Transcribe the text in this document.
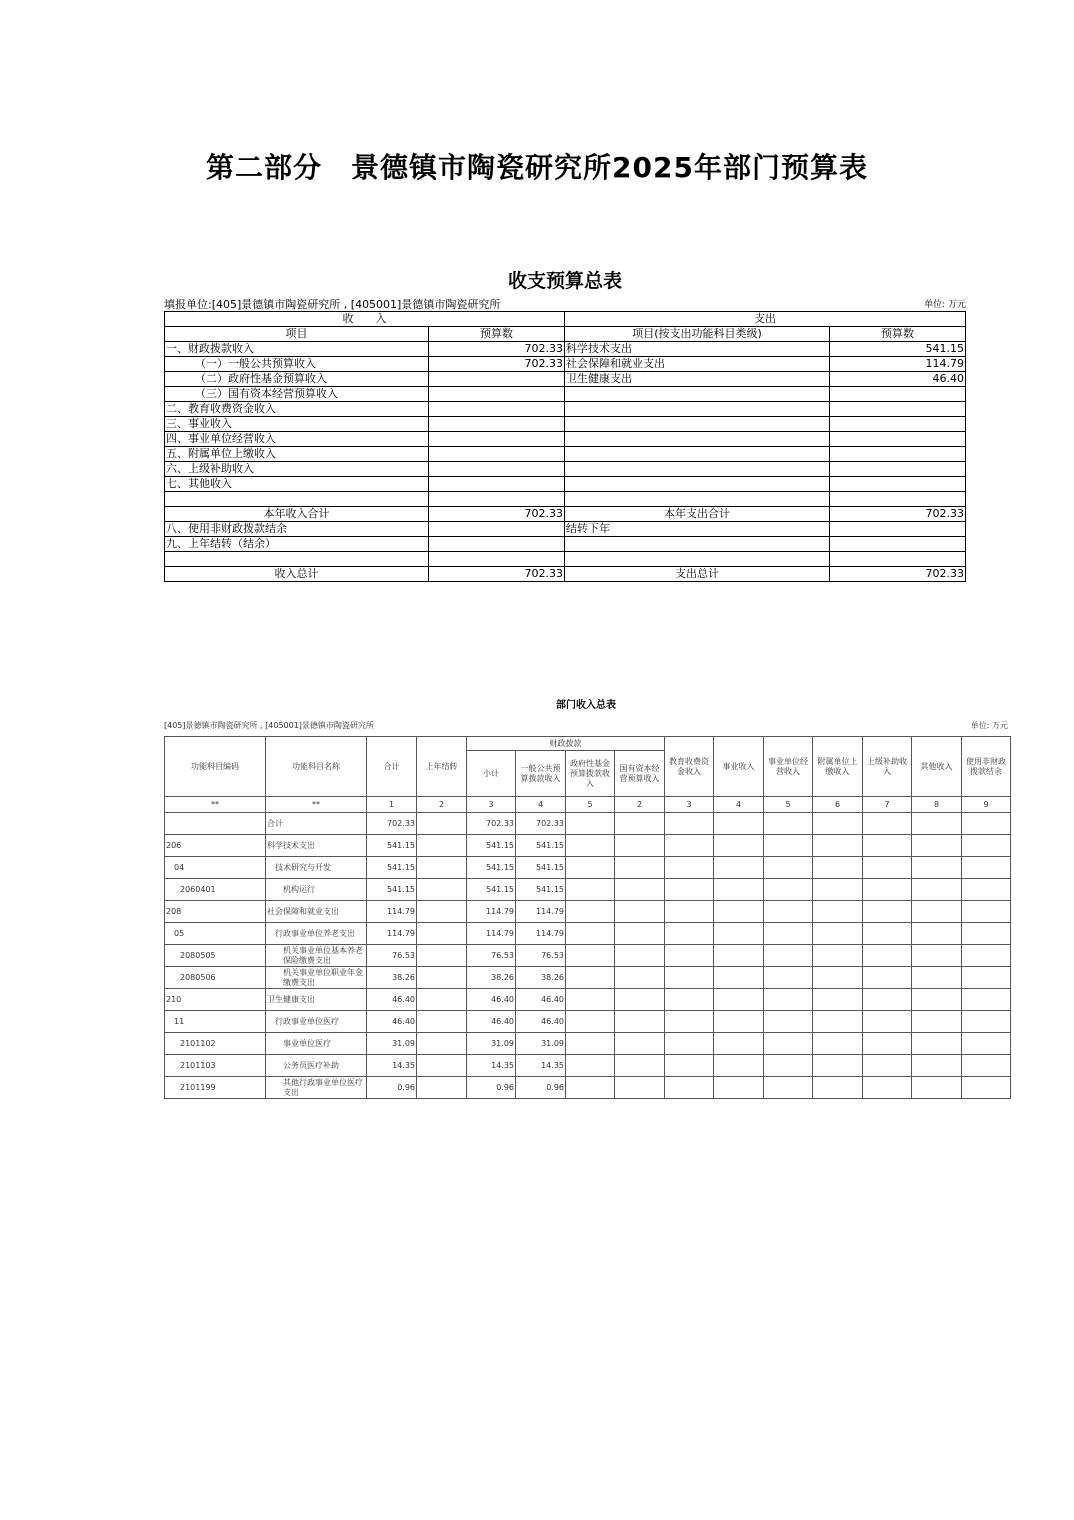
第二部分　景德镇市陶瓷研究所2025年部门预算表
收支预算总表
填报单位:[405]景德镇市陶瓷研究所 , [405001]景德镇市陶瓷研究所	单位: 万元
收　　入		支出	
项目	预算数	项目(按支出功能科目类级)	预算数
一、财政拨款收入	702.33	科学技术支出	541.15
（一）一般公共预算收入	702.33	社会保障和就业支出	114.79
（二）政府性基金预算收入		卫生健康支出	46.40
（三）国有资本经营预算收入			
二、教育收费资金收入			
三、事业收入			
四、事业单位经营收入			
五、附属单位上缴收入			
六、上级补助收入			
七、其他收入			

本年收入合计	702.33	本年支出合计	702.33
八、使用非财政拨款结余		结转下年	
九、上年结转（结余）			

收入总计	702.33	支出总计	702.33
部门收入总表
[405]景德镇市陶瓷研究所 , [405001]景德镇市陶瓷研究所	单位: 万元
功能科目编码	功能科目名称	合计	上年结转	财政拨款				教育收费资金收入	事业收入	事业单位经营收入	附属单位上缴收入	上级补助收入	其他收入	使用非财政拨款结余
				小计	一般公共预算拨款收入	政府性基金预算拨款收入	国有资本经营预算收入							
**	**	1	2	3	4	5	2	3	4	5	6	7	8	9
	合计	702.33		702.33	702.33									
206	科学技术支出	541.15		541.15	541.15									
04	技术研究与开发	541.15		541.15	541.15									
2060401	机构运行	541.15		541.15	541.15									
208	社会保障和就业支出	114.79		114.79	114.79									
05	行政事业单位养老支出	114.79		114.79	114.79									
2080505	机关事业单位基本养老保险缴费支出	76.53		76.53	76.53									
2080506	机关事业单位职业年金缴费支出	38.26		38.26	38.26									
210	卫生健康支出	46.40		46.40	46.40									
11	行政事业单位医疗	46.40		46.40	46.40									
2101102	事业单位医疗	31.09		31.09	31.09									
2101103	公务员医疗补助	14.35		14.35	14.35									
2101199	其他行政事业单位医疗支出	0.96		0.96	0.96									
